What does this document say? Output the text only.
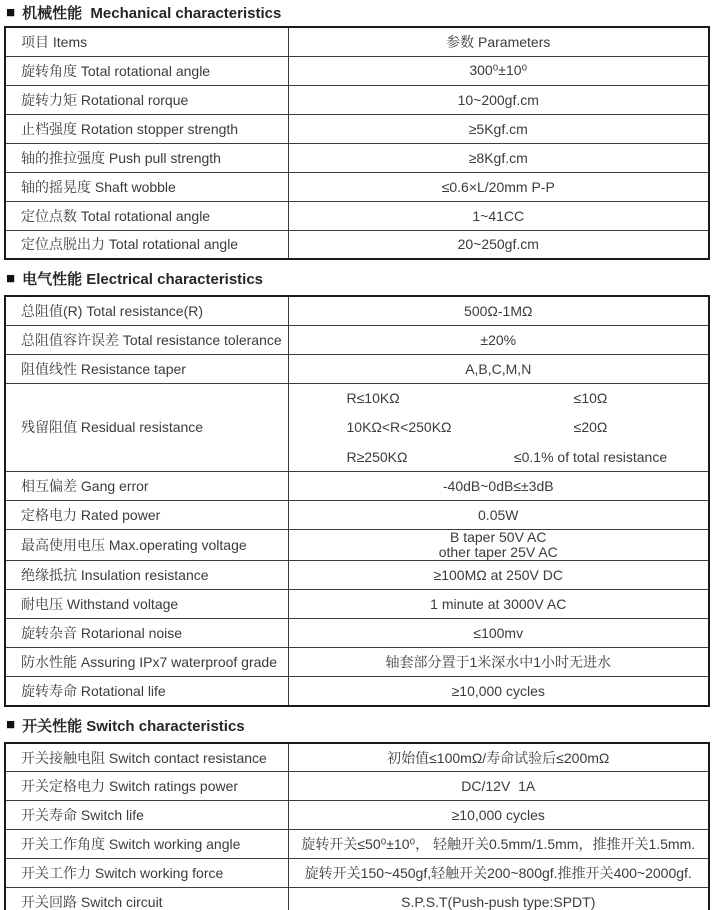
■ 机械性能  Mechanical characteristics
项目 Items	参数 Parameters
旋转角度 Total rotational angle	300⁰±10⁰
旋转力矩 Rotational rorque	10~200gf.cm
止档强度 Rotation stopper strength	≥5Kgf.cm
轴的推拉强度 Push pull strength	≥8Kgf.cm
轴的摇晃度 Shaft wobble	≤0.6×L/20mm P-P
定位点数 Total rotational angle	1~41CC
定位点脱出力 Total rotational angle	20~250gf.cm
■ 电气性能 Electrical characteristics
总阻值(R) Total resistance(R)	500Ω-1MΩ
总阻值容许误差 Total resistance tolerance	±20%
阻值线性 Resistance taper	A,B,C,M,N
残留阻值 Residual resistance	
R≤10KΩ	≤10Ω
10KΩ<R<250KΩ	≤20Ω
R≥250KΩ	≤0.1% of total resistance

相互偏差 Gang error	-40dB~0dB≤±3dB
定格电力 Rated power	0.05W
最高使用电压 Max.operating voltage	B taper 50V AC
other taper 25V AC

绝缘抵抗 Insulation resistance	≥100MΩ at 250V DC
耐电压 Withstand voltage	1 minute at 3000V AC
旋转杂音 Rotarional noise	≤100mv
防水性能 Assuring IPx7 waterproof grade	轴套部分置于1米深水中1小时无进水
旋转寿命 Rotational life	≥10,000 cycles
■ 开关性能 Switch characteristics
开关接触电阻 Switch contact resistance	初始值≤100mΩ/寿命试验后≤200mΩ
开关定格电力 Switch ratings power	DC/12V  1A
开关寿命 Switch life	≥10,000 cycles
开关工作角度 Switch working angle	旋转开关≤50⁰±10⁰， 轻触开关0.5mm/1.5mm，推推开关1.5mm.
开关工作力 Switch working force	旋转开关150~450gf,轻触开关200~800gf.推推开关400~2000gf.
开关回路 Switch circuit	S.P.S.T(Push-push type:SPDT)
